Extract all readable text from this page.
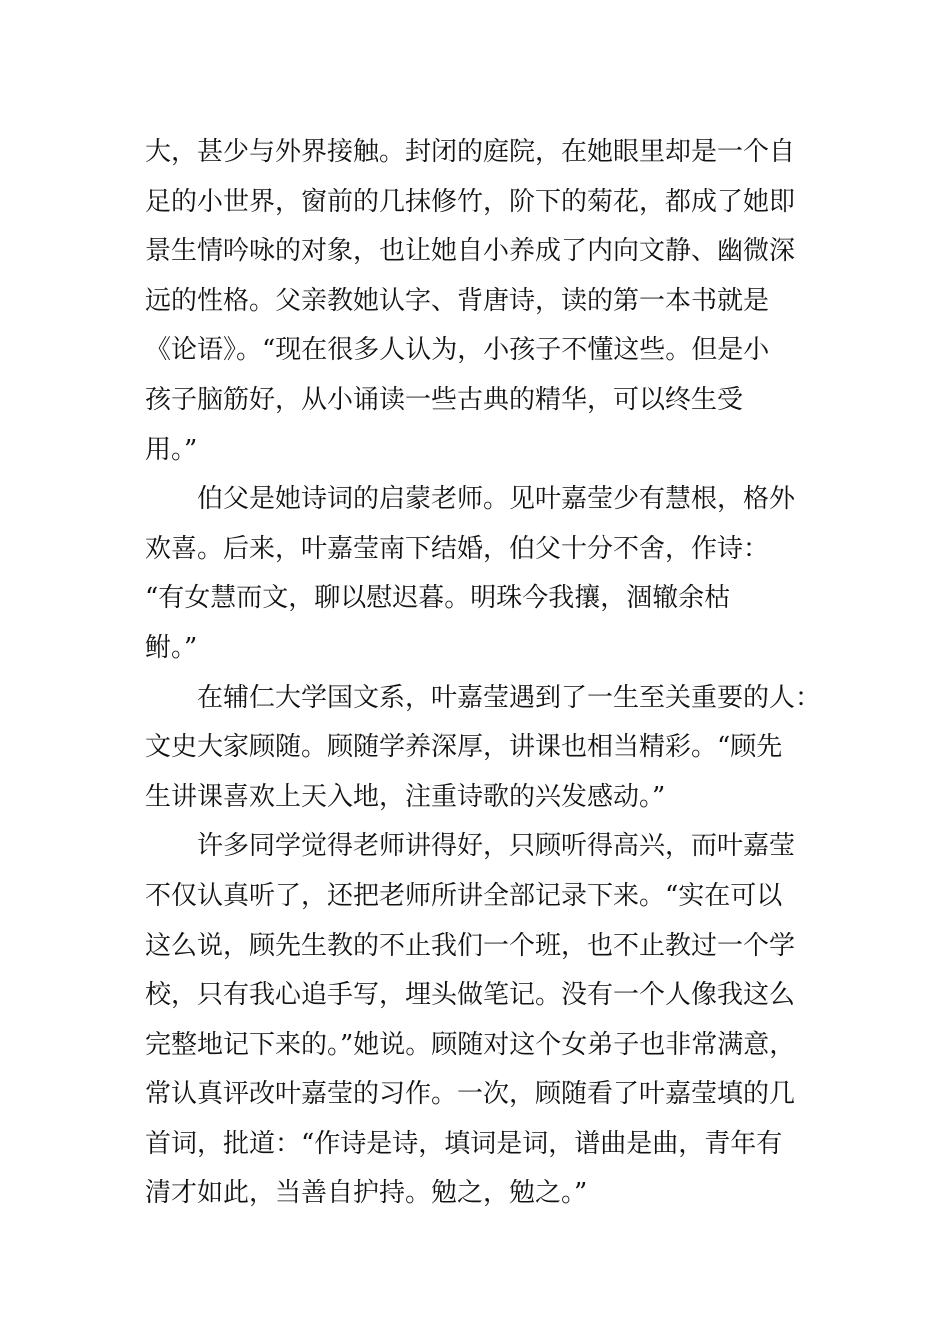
大，甚少与外界接触。封闭的庭院，在她眼里却是一个自

足的小世界，窗前的几抹修竹，阶下的菊花，都成了她即

景生情吟咏的对象，也让她自小养成了内向文静、幽微深

远的性格。父亲教她认字、背唐诗，读的第一本书就是

《论语》。“现在很多人认为，小孩子不懂这些。但是小

孩子脑筋好，从小诵读一些古典的精华，可以终生受

用。”

伯父是她诗词的启蒙老师。见叶嘉莹少有慧根，格外

欢喜。后来，叶嘉莹南下结婚，伯父十分不舍，作诗：

“有女慧而文，聊以慰迟暮。明珠今我攘，涸辙余枯

鲋。”

在辅仁大学国文系，叶嘉莹遇到了一生至关重要的人：

文史大家顾随。顾随学养深厚，讲课也相当精彩。“顾先

生讲课喜欢上天入地，注重诗歌的兴发感动。”

许多同学觉得老师讲得好，只顾听得高兴，而叶嘉莹

不仅认真听了，还把老师所讲全部记录下来。“实在可以

这么说，顾先生教的不止我们一个班，也不止教过一个学

校，只有我心追手写，埋头做笔记。没有一个人像我这么

完整地记下来的。”她说。顾随对这个女弟子也非常满意，

常认真评改叶嘉莹的习作。一次，顾随看了叶嘉莹填的几

首词，批道：“作诗是诗，填词是词，谱曲是曲，青年有

清才如此，当善自护持。勉之，勉之。”
